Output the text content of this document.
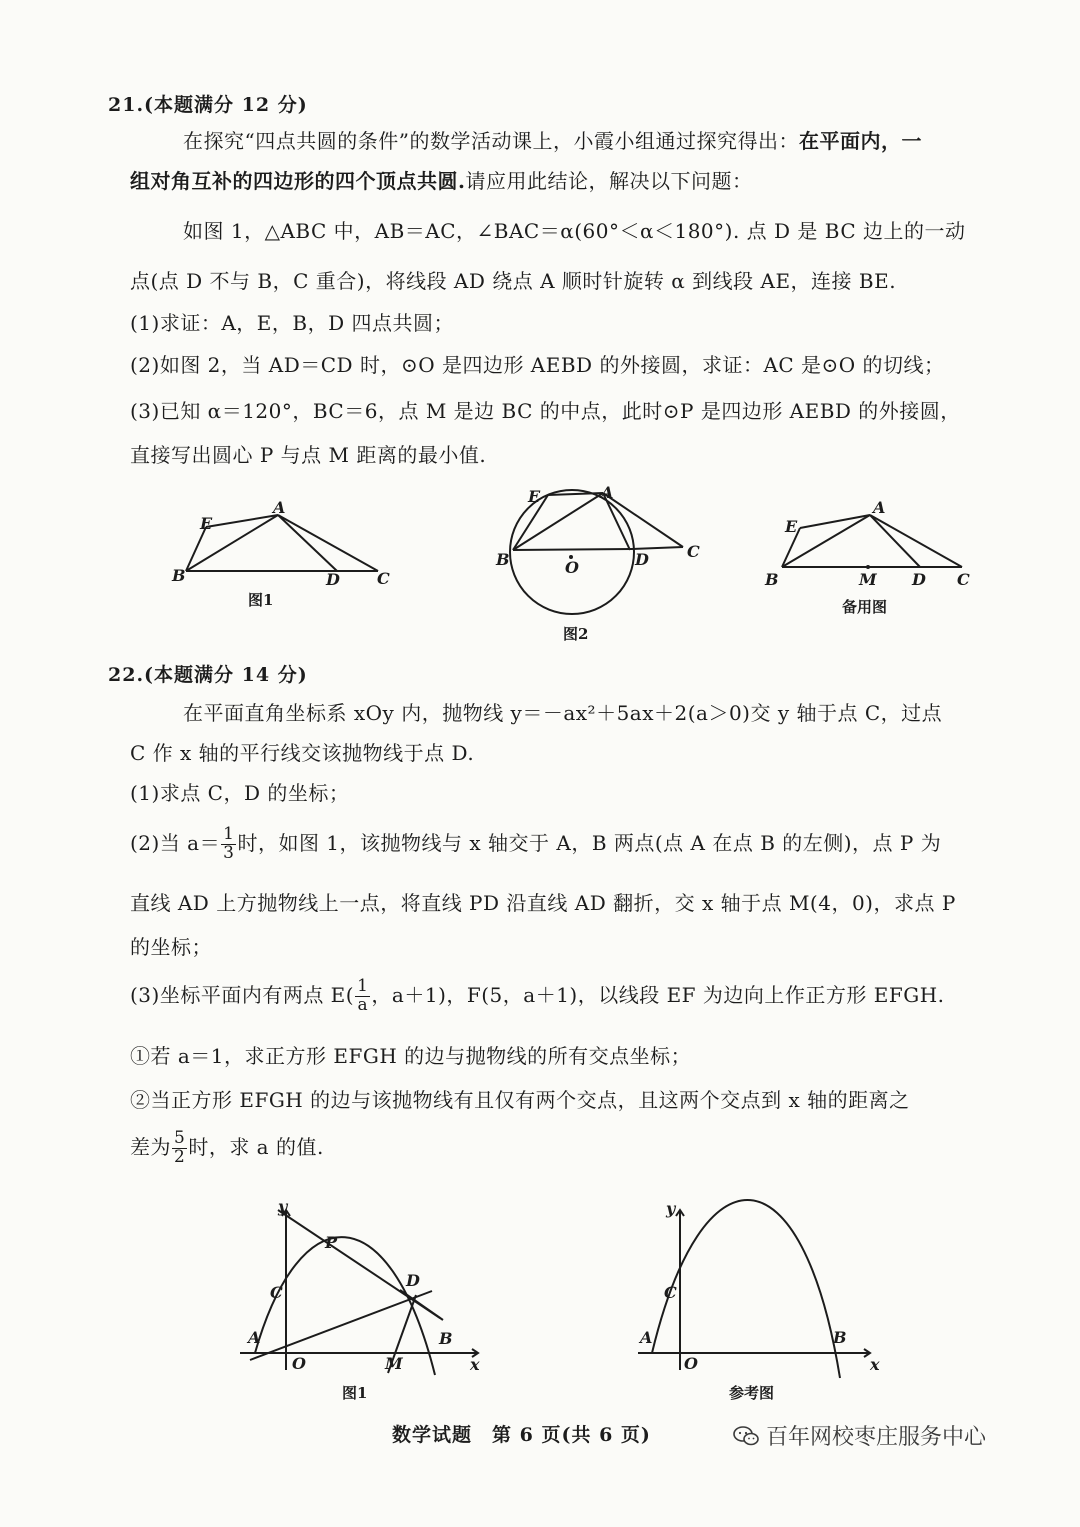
21.(本题满分 12 分)
在探究“四点共圆的条件”的数学活动课上，小霞小组通过探究得出：在平面内，一
组对角互补的四边形的四个顶点共圆.请应用此结论，解决以下问题：
如图 1，△ABC 中，AB＝AC，∠BAC＝α(60°＜α＜180°). 点 D 是 BC 边上的一动
点(点 D 不与 B，C 重合)，将线段 AD 绕点 A 顺时针旋转 α 到线段 AE，连接 BE.
(1)求证：A，E，B，D 四点共圆；
(2)如图 2，当 AD＝CD 时，⊙O 是四边形 AEBD 的外接圆，求证：AC 是⊙O 的切线；
(3)已知 α＝120°，BC＝6，点 M 是边 BC 的中点，此时⊙P 是四边形 AEBD 的外接圆，
直接写出圆心 P 与点 M 距离的最小值.
E
A
B	D C
图1
E	A
B	D C
O
图2
E
A
B	M D C
备用图
22.(本题满分 14 分)
在平面直角坐标系 xOy 内，抛物线 y＝－ax²＋5ax＋2(a＞0)交 y 轴于点 C，过点
C 作 x 轴的平行线交该抛物线于点 D.
(1)求点 C，D 的坐标；
(2)当 $a= \frac{1}{3}$ 时，如图 1，该抛物线与 x 轴交于 A，B 两点(点 A 在点 B 的左侧)，点 P 为
直线 AD 上方抛物线上一点，将直线 PD 沿直线 AD 翻折，交 x 轴于点 M(4，0)，求点 P
的坐标；
(3)坐标平面内有两点 $E( \frac{1}{a}$ ，a＋1)，F(5，a＋1)，以线段 EF 为边向上作正方形 EFGH.
①若 a＝1，求正方形 EFGH 的边与抛物线的所有交点坐标；
②当正方形 EFGH 的边与该抛物线有且仅有两个交点，且这两个交点到 x 轴的距离之
差为 $\frac{5}{2}$ 时，求 a 的值.
y
P
C
D
A	B
O	M	x
图1
y
C
A	B
O	x
参考图
数学试题 第 6 页(共 6 页)	百年网校枣庄服务中心
